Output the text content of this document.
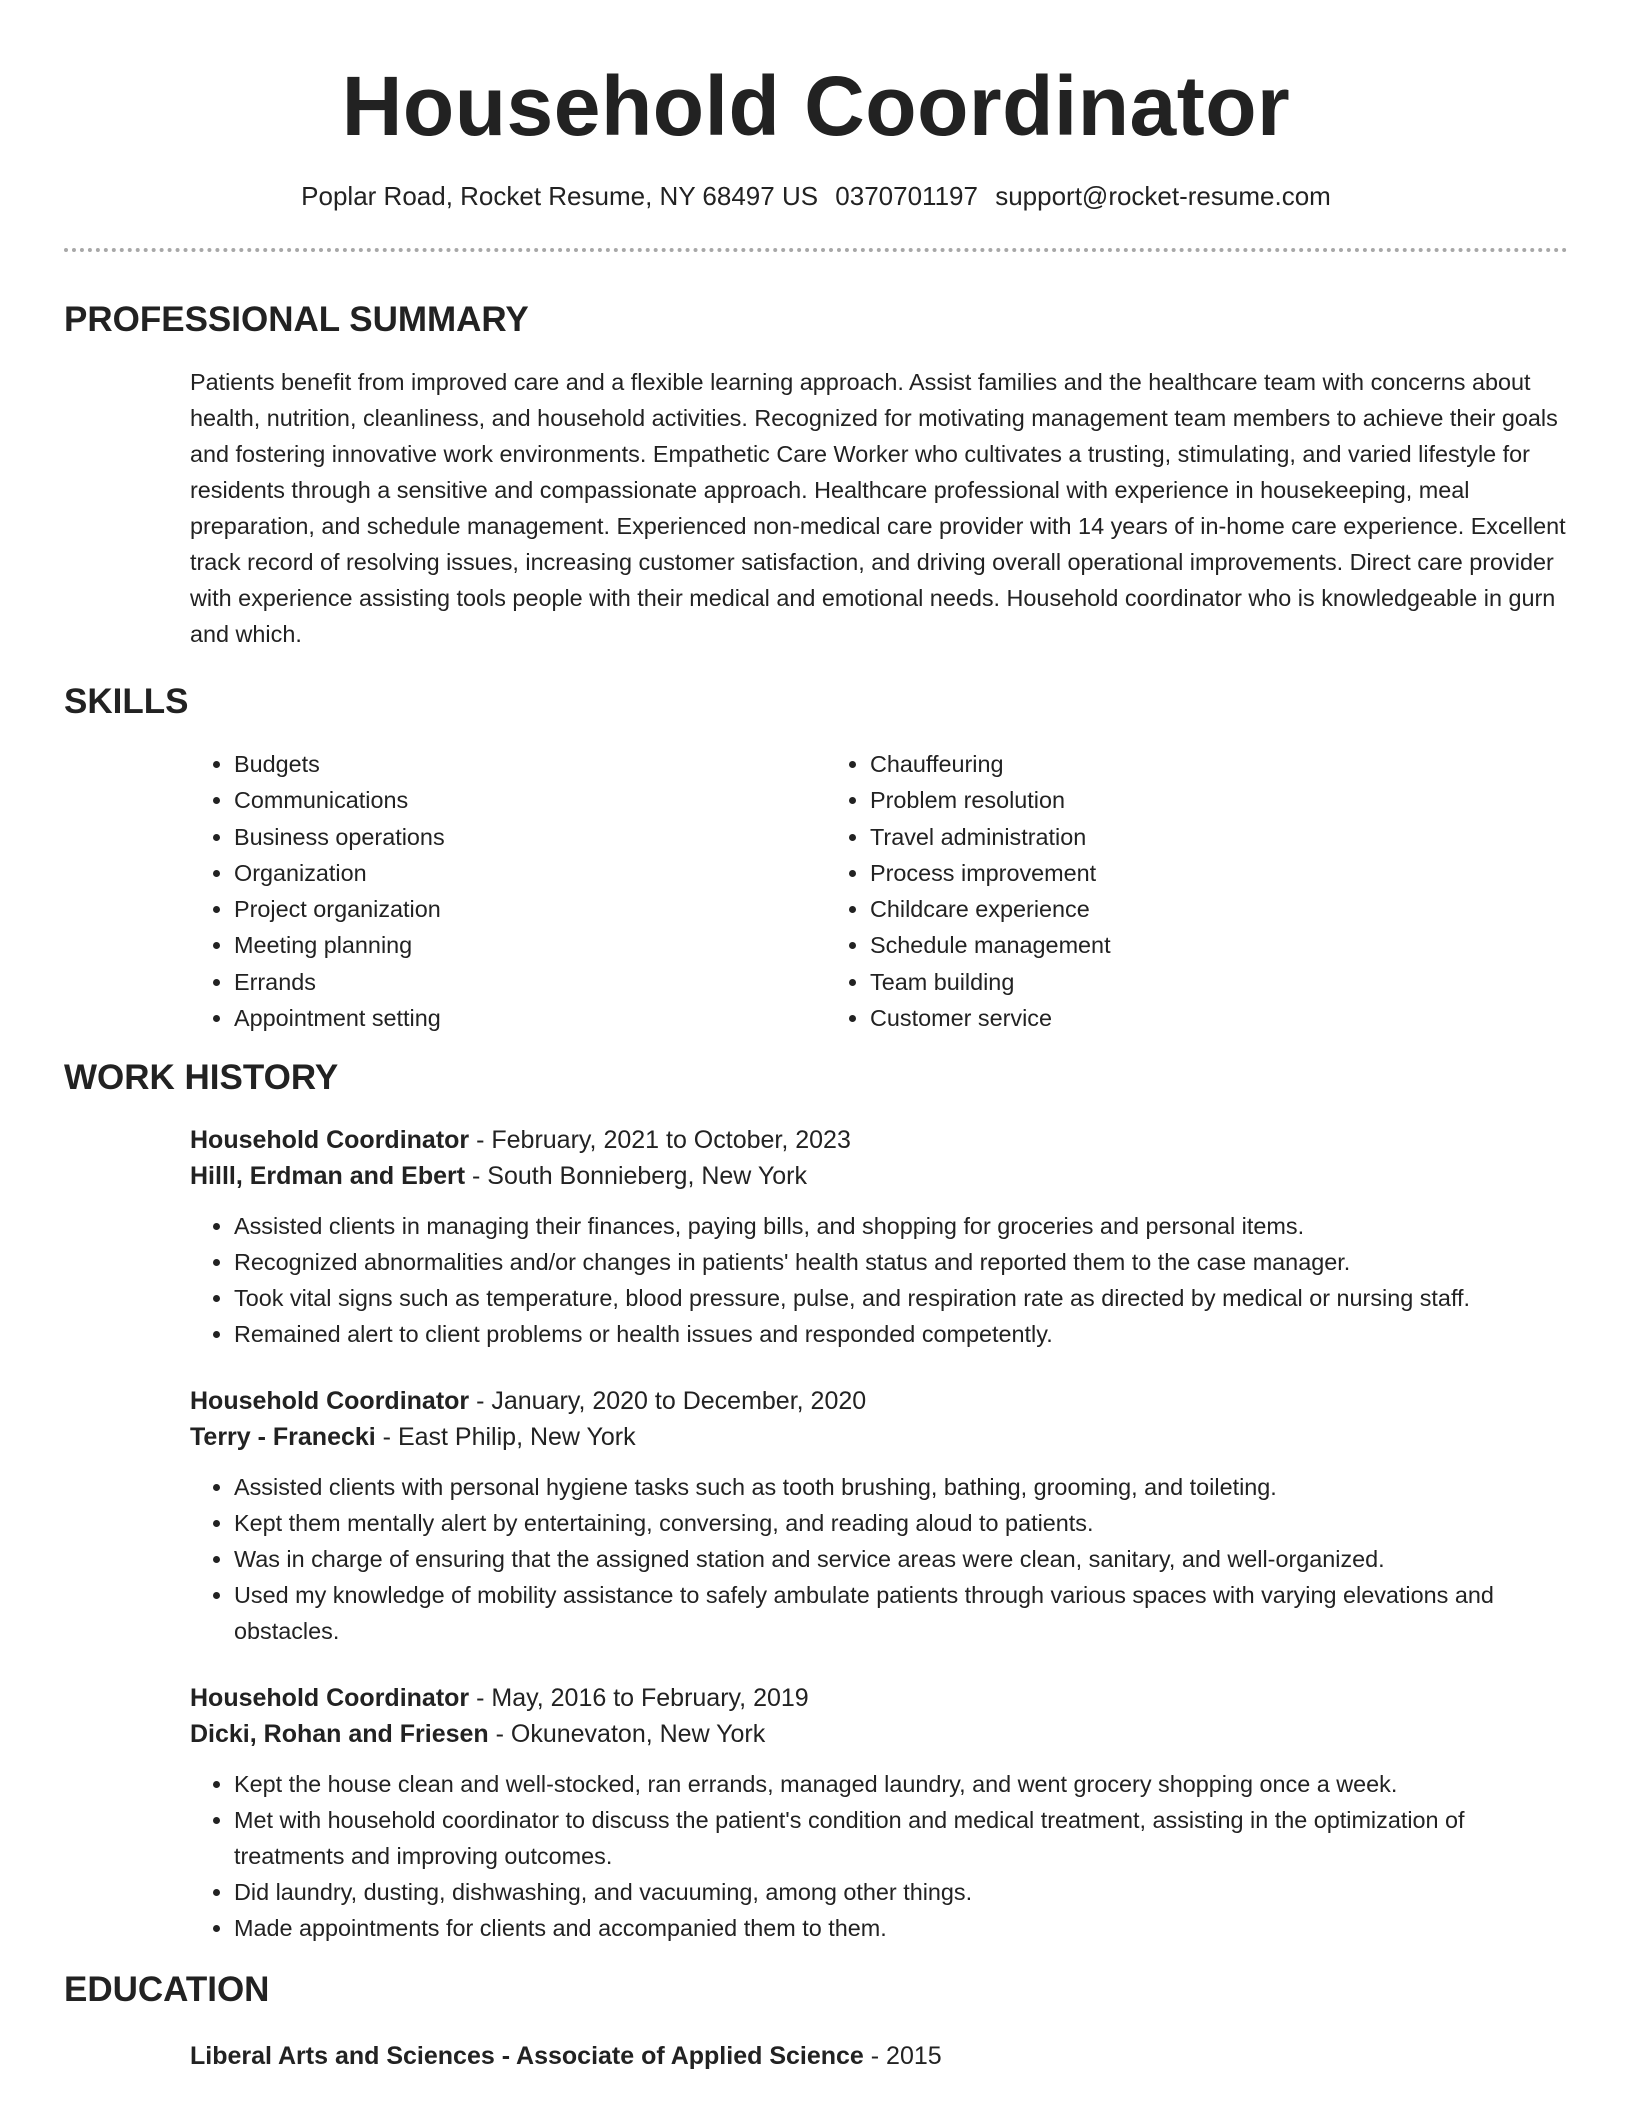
Household Coordinator
Poplar Road, Rocket Resume, NY 68497 US 0370701197 support@rocket-resume.com
PROFESSIONAL SUMMARY

Patients benefit from improved care and a flexible learning approach. Assist families and the healthcare team with concerns about health, nutrition, cleanliness, and household activities. Recognized for motivating management team members to achieve their goals and fostering innovative work environments. Empathetic Care Worker who cultivates a trusting, stimulating, and varied lifestyle for residents through a sensitive and compassionate approach. Healthcare professional with experience in housekeeping, meal preparation, and schedule management. Experienced non-medical care provider with 14 years of in-home care experience. Excellent track record of resolving issues, increasing customer satisfaction, and driving overall operational improvements. Direct care provider with experience assisting tools people with their medical and emotional needs. Household coordinator who is knowledgeable in gurn and which.

SKILLS
• Budgets
• Communications
• Business operations
• Organization
• Project organization
• Meeting planning
• Errands
• Appointment setting
• Chauffeuring
• Problem resolution
• Travel administration
• Process improvement
• Childcare experience
• Schedule management
• Team building
• Customer service
WORK HISTORY

Household Coordinator - February, 2021 to October, 2023

Hilll, Erdman and Ebert - South Bonnieberg, New York

• Assisted clients in managing their finances, paying bills, and shopping for groceries and personal items.
• Recognized abnormalities and/or changes in patients' health status and reported them to the case manager.
• Took vital signs such as temperature, blood pressure, pulse, and respiration rate as directed by medical or nursing staff.
• Remained alert to client problems or health issues and responded competently.

Household Coordinator - January, 2020 to December, 2020

Terry - Franecki - East Philip, New York

• Assisted clients with personal hygiene tasks such as tooth brushing, bathing, grooming, and toileting.
• Kept them mentally alert by entertaining, conversing, and reading aloud to patients.
• Was in charge of ensuring that the assigned station and service areas were clean, sanitary, and well-organized.
• Used my knowledge of mobility assistance to safely ambulate patients through various spaces with varying elevations and obstacles.

Household Coordinator - May, 2016 to February, 2019

Dicki, Rohan and Friesen - Okunevaton, New York

• Kept the house clean and well-stocked, ran errands, managed laundry, and went grocery shopping once a week.
• Met with household coordinator to discuss the patient's condition and medical treatment, assisting in the optimization of treatments and improving outcomes.
• Did laundry, dusting, dishwashing, and vacuuming, among other things.
• Made appointments for clients and accompanied them to them.
EDUCATION

Liberal Arts and Sciences - Associate of Applied Science - 2015
